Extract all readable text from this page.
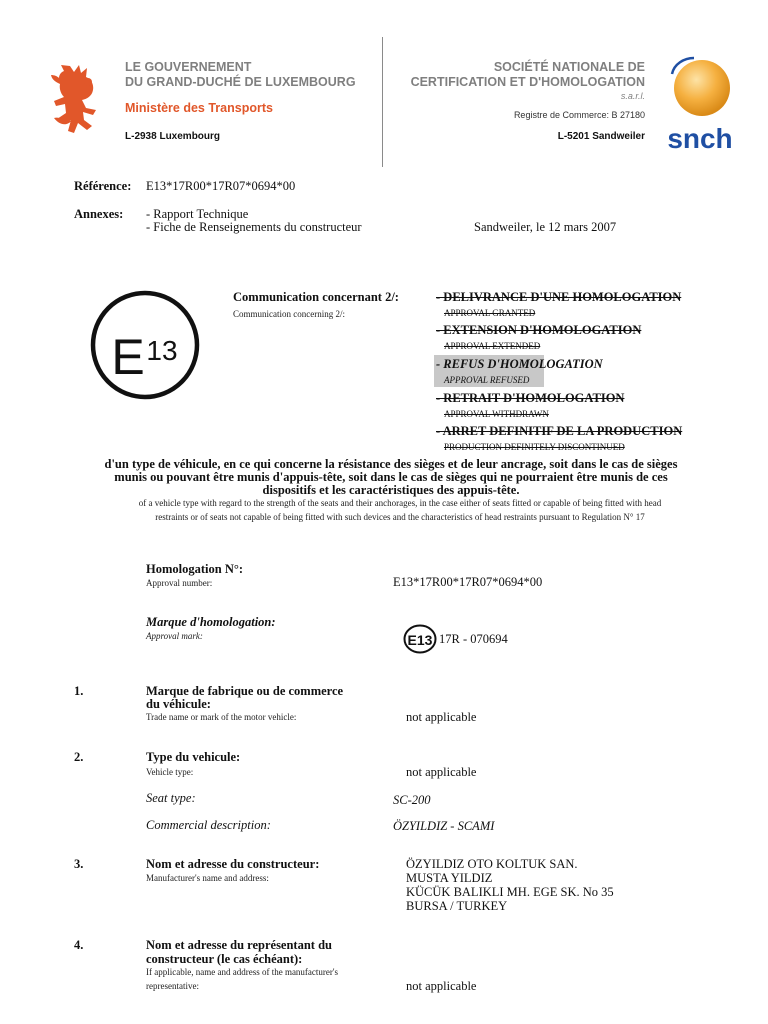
LE GOUVERNEMENT
DU GRAND-DUCHÉ DE LUXEMBOURG
Ministère des Transports
L-2938 Luxembourg
SOCIÉTÉ NATIONALE DE
CERTIFICATION ET D'HOMOLOGATION
s.a.r.l.
Registre de Commerce: B 27180
L-5201 Sandweiler snch
Référence: E13*17R00*17R07*0694*00
Annexes: - Rapport Technique
- Fiche de Renseignements du constructeur	Sandweiler, le 12 mars 2007
E 13
Communication concernant 2/:
Communication concerning 2/:
- DELIVRANCE D'UNE HOMOLOGATION
APPROVAL GRANTED
- EXTENSION D'HOMOLOGATION
APPROVAL EXTENDED
- REFUS D'HOMOLOGATION
APPROVAL REFUSED
- RETRAIT D'HOMOLOGATION
APPROVAL WITHDRAWN
- ARRET DEFINITIF DE LA PRODUCTION
PRODUCTION DEFINITELY DISCONTINUED
d'un type de véhicule, en ce qui concerne la résistance des sièges et de leur ancrage, soit dans le cas de sièges
munis ou pouvant être munis d'appuis-tête, soit dans le cas de sièges qui ne pourraient être munis de ces
dispositifs et les caractéristiques des appuis-tête.
of a vehicle type with regard to the strength of the seats and their anchorages, in the case either of seats fitted or capable of being fitted with head
restraints or of seats not capable of being fitted with such devices and the characteristics of head restraints pursuant to Regulation N° 17
Homologation N°:
Approval number:	E13*17R00*17R07*0694*00
Marque d'homologation:
Approval mark:	E13 17R - 070694
1.	Marque de fabrique ou de commerce
du véhicule:
Trade name or mark of the motor vehicle:	not applicable
2.	Type du vehicule:
Vehicle type:	not applicable
Seat type:	SC-200
Commercial description:	ÖZYILDIZ - SCAMI
3.	Nom et adresse du constructeur:
Manufacturer's name and address:
ÖZYILDIZ OTO KOLTUK SAN.
MUSTA YILDIZ
KÜCÜK BALIKLI MH. EGE SK. No 35
BURSA / TURKEY
4.	Nom et adresse du représentant du
constructeur (le cas échéant):
If applicable, name and address of the manufacturer's
representative:	not applicable
